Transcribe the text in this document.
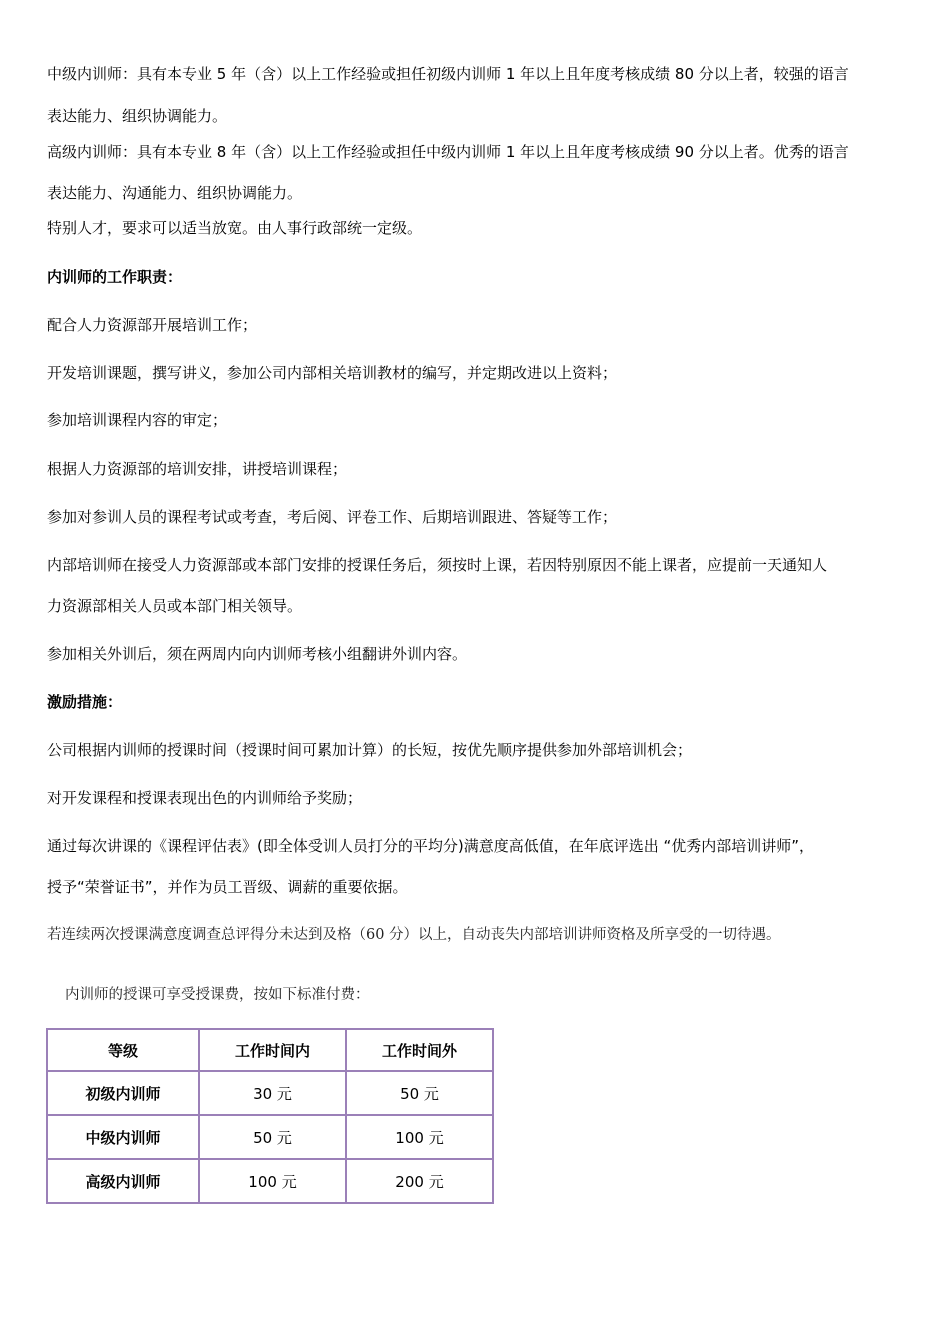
中级内训师：具有本专业 5 年（含）以上工作经验或担任初级内训师 1 年以上且年度考核成绩 80 分以上者，较强的语言
表达能力、组织协调能力。
高级内训师：具有本专业 8 年（含）以上工作经验或担任中级内训师 1 年以上且年度考核成绩 90 分以上者。优秀的语言
表达能力、沟通能力、组织协调能力。
特别人才，要求可以适当放宽。由人事行政部统一定级。
内训师的工作职责：
配合人力资源部开展培训工作；
开发培训课题，撰写讲义，参加公司内部相关培训教材的编写，并定期改进以上资料；
参加培训课程内容的审定；
根据人力资源部的培训安排，讲授培训课程；
参加对参训人员的课程考试或考查，考后阅、评卷工作、后期培训跟进、答疑等工作；
内部培训师在接受人力资源部或本部门安排的授课任务后，须按时上课，若因特别原因不能上课者，应提前一天通知人
力资源部相关人员或本部门相关领导。
参加相关外训后，须在两周内向内训师考核小组翻讲外训内容。
激励措施：
公司根据内训师的授课时间（授课时间可累加计算）的长短，按优先顺序提供参加外部培训机会；
对开发课程和授课表现出色的内训师给予奖励；
通过每次讲课的《课程评估表》(即全体受训人员打分的平均分)满意度高低值，在年底评选出 “优秀内部培训讲师”，
授予“荣誉证书”，并作为员工晋级、调薪的重要依据。
若连续两次授课满意度调查总评得分未达到及格（60 分）以上，自动丧失内部培训讲师资格及所享受的一切待遇。
内训师的授课可享受授课费，按如下标准付费：
等级	工作时间内	工作时间外
初级内训师	30 元	50 元
中级内训师	50 元	100 元
高级内训师	100 元	200 元
